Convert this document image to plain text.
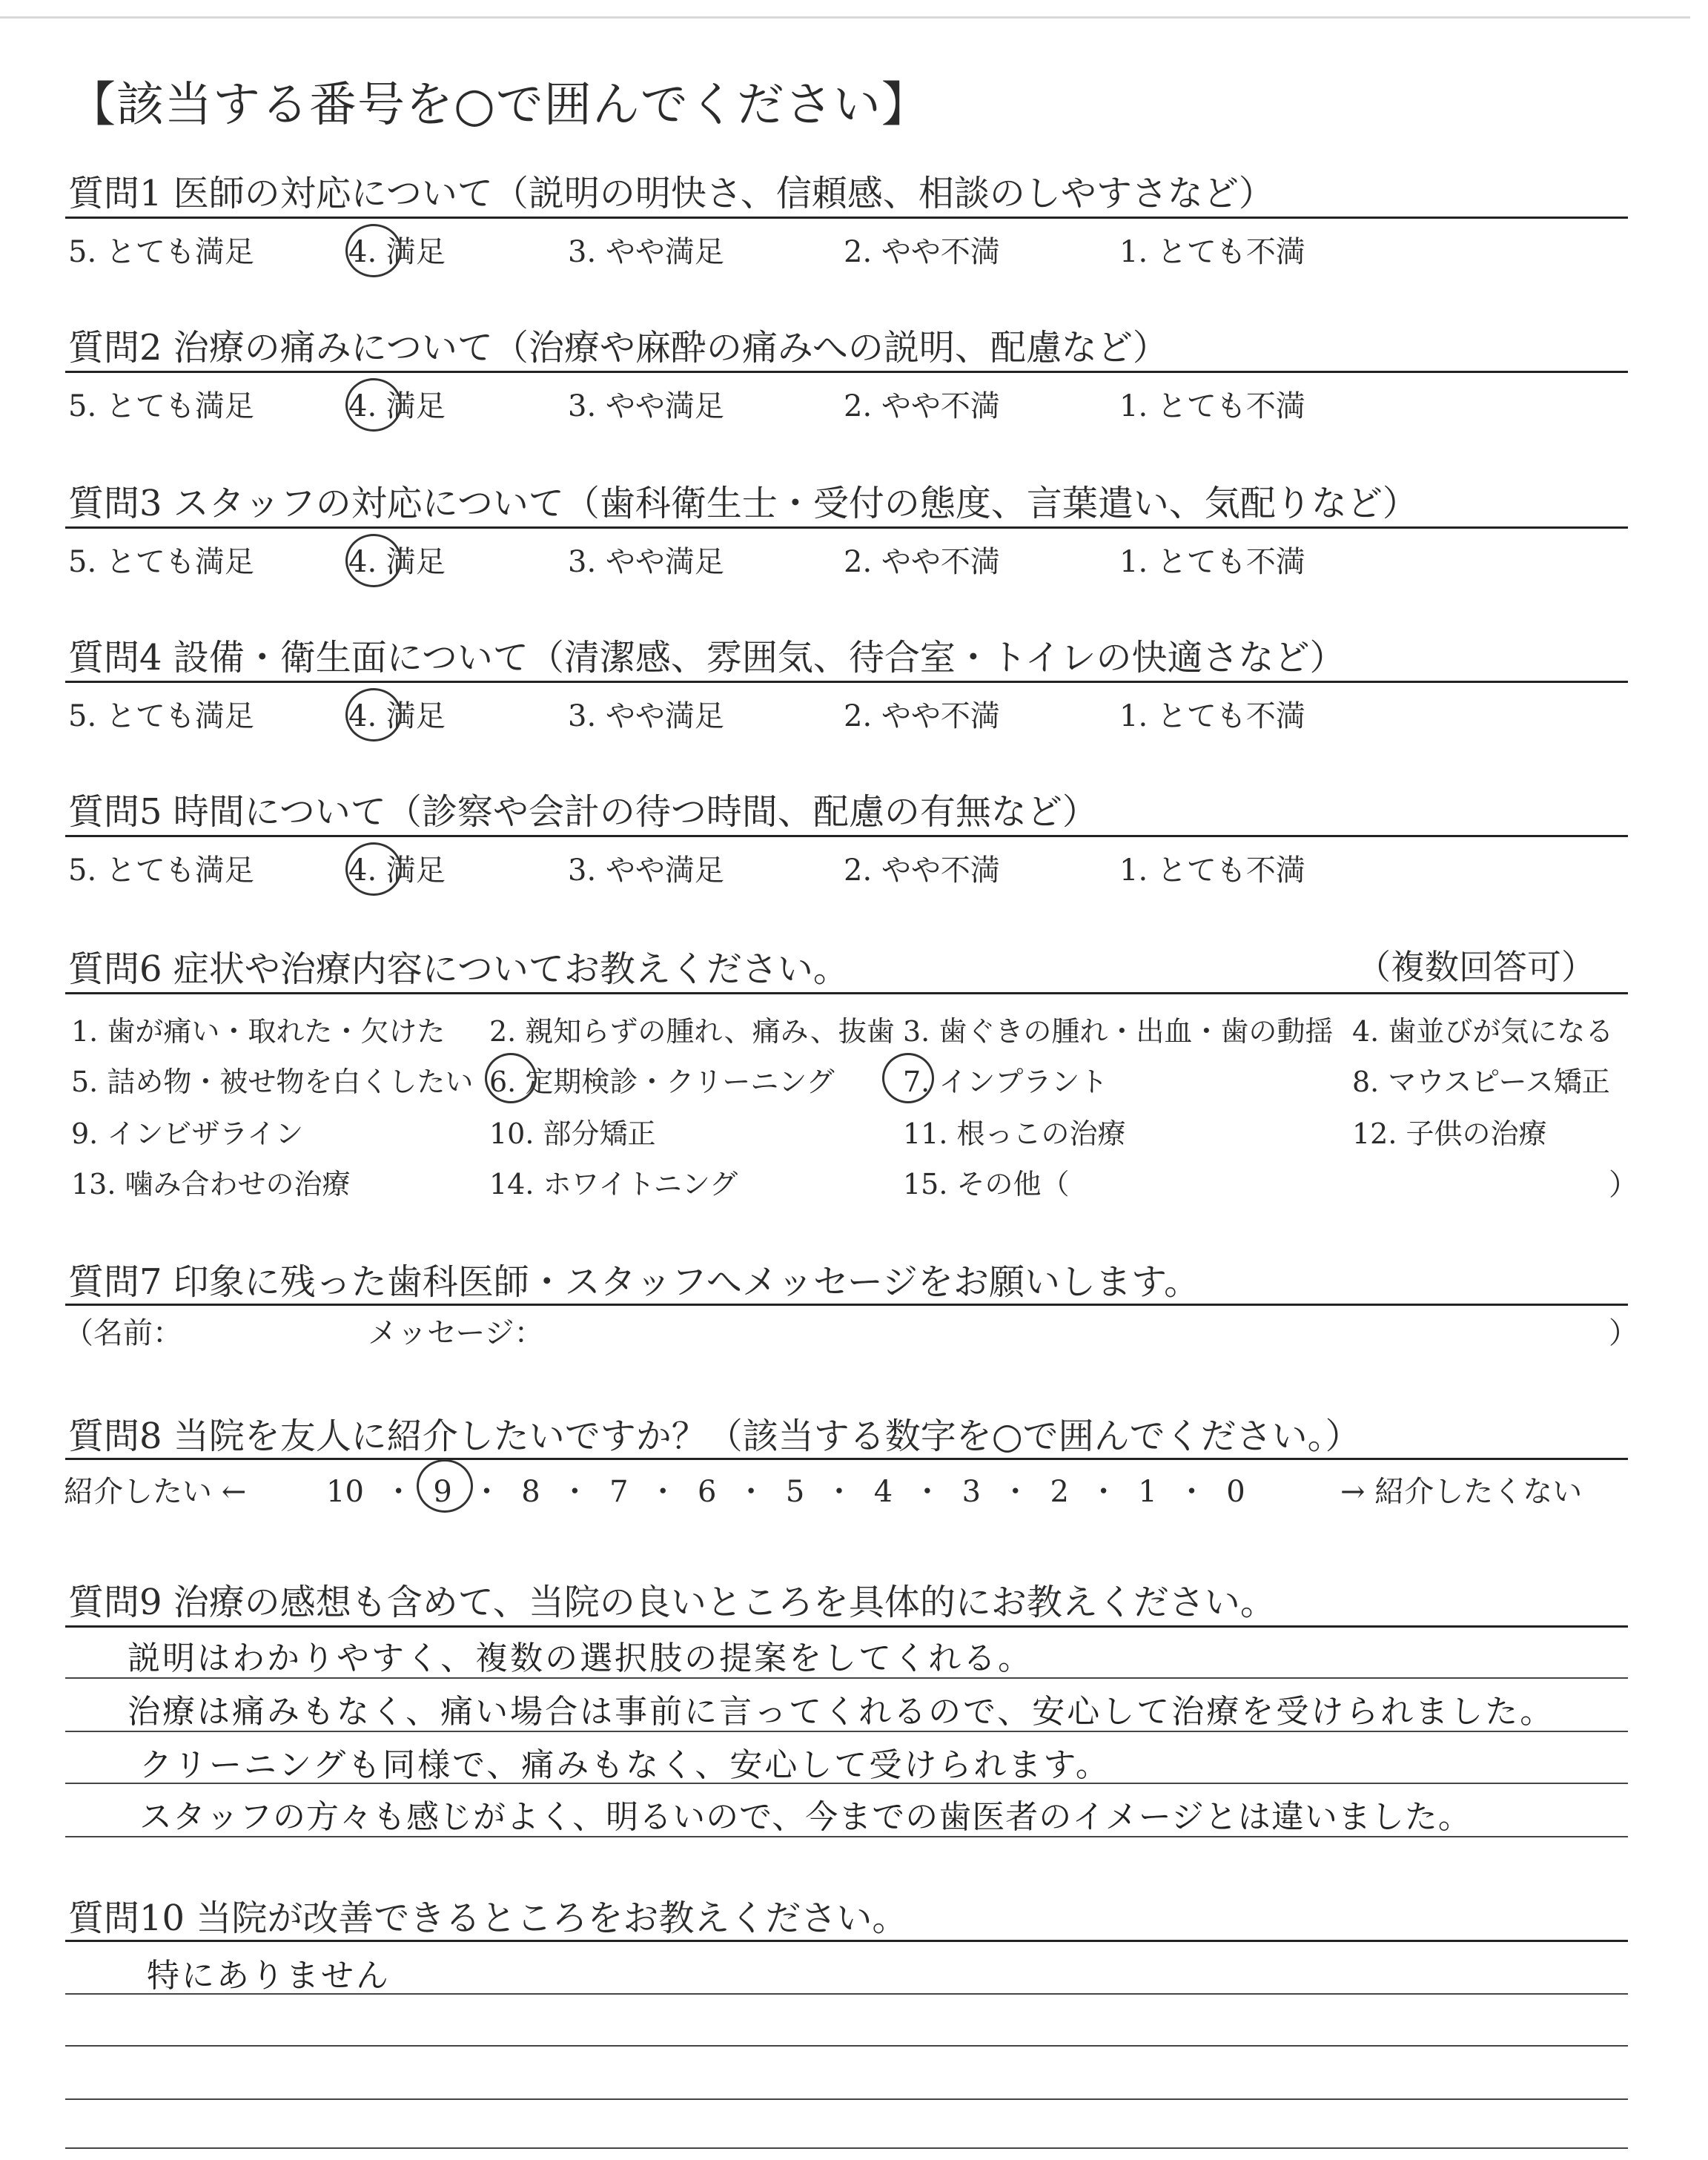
【該当する番号を○で囲んでください】
質問1 医師の対応について（説明の明快さ、信頼感、相談のしやすさなど）
5. とても満足	4. 満足	3. やや満足	2. やや不満	1. とても不満
質問2 治療の痛みについて（治療や麻酔の痛みへの説明、配慮など）
5. とても満足	4. 満足	3. やや満足	2. やや不満	1. とても不満
質問3 スタッフの対応について（歯科衛生士・受付の態度、言葉遣い、気配りなど）
5. とても満足	4. 満足	3. やや満足	2. やや不満	1. とても不満
質問4 設備・衛生面について（清潔感、雰囲気、待合室・トイレの快適さなど）
5. とても満足	4. 満足	3. やや満足	2. やや不満	1. とても不満
質問5 時間について（診察や会計の待つ時間、配慮の有無など）
5. とても満足	4. 満足	3. やや満足	2. やや不満	1. とても不満
質問6 症状や治療内容についてお教えください。	（複数回答可）
1. 歯が痛い・取れた・欠けた 2. 親知らずの腫れ、痛み、抜歯 3. 歯ぐきの腫れ・出血・歯の動揺 4. 歯並びが気になる
5. 詰め物・被せ物を白くしたい 6. 定期検診・クリーニング 7. インプラント	8. マウスピース矯正
9. インビザライン	10. 部分矯正	11. 根っこの治療	12. 子供の治療
13. 噛み合わせの治療	14. ホワイトニング	15. その他（	）
質問7 印象に残った歯科医師・スタッフへメッセージをお願いします。
（名前：	メッセージ：	）
質問8 当院を友人に紹介したいですか？（該当する数字を○で囲んでください。）
紹介したい ←	10 ・ 9 ・ 8 ・ 7 ・ 6 ・ 5 ・ 4 ・ 3 ・ 2 ・ 1 ・ 0	→ 紹介したくない
質問9 治療の感想も含めて、当院の良いところを具体的にお教えください。
説明はわかりやすく、複数の選択肢の提案をしてくれる。
治療は痛みもなく、痛い場合は事前に言ってくれるので、安心して治療を受けられました。
クリーニングも同様で、痛みもなく、安心して受けられます。
スタッフの方々も感じがよく、明るいので、今までの歯医者のイメージとは違いました。
質問10 当院が改善できるところをお教えください。
特にありません
